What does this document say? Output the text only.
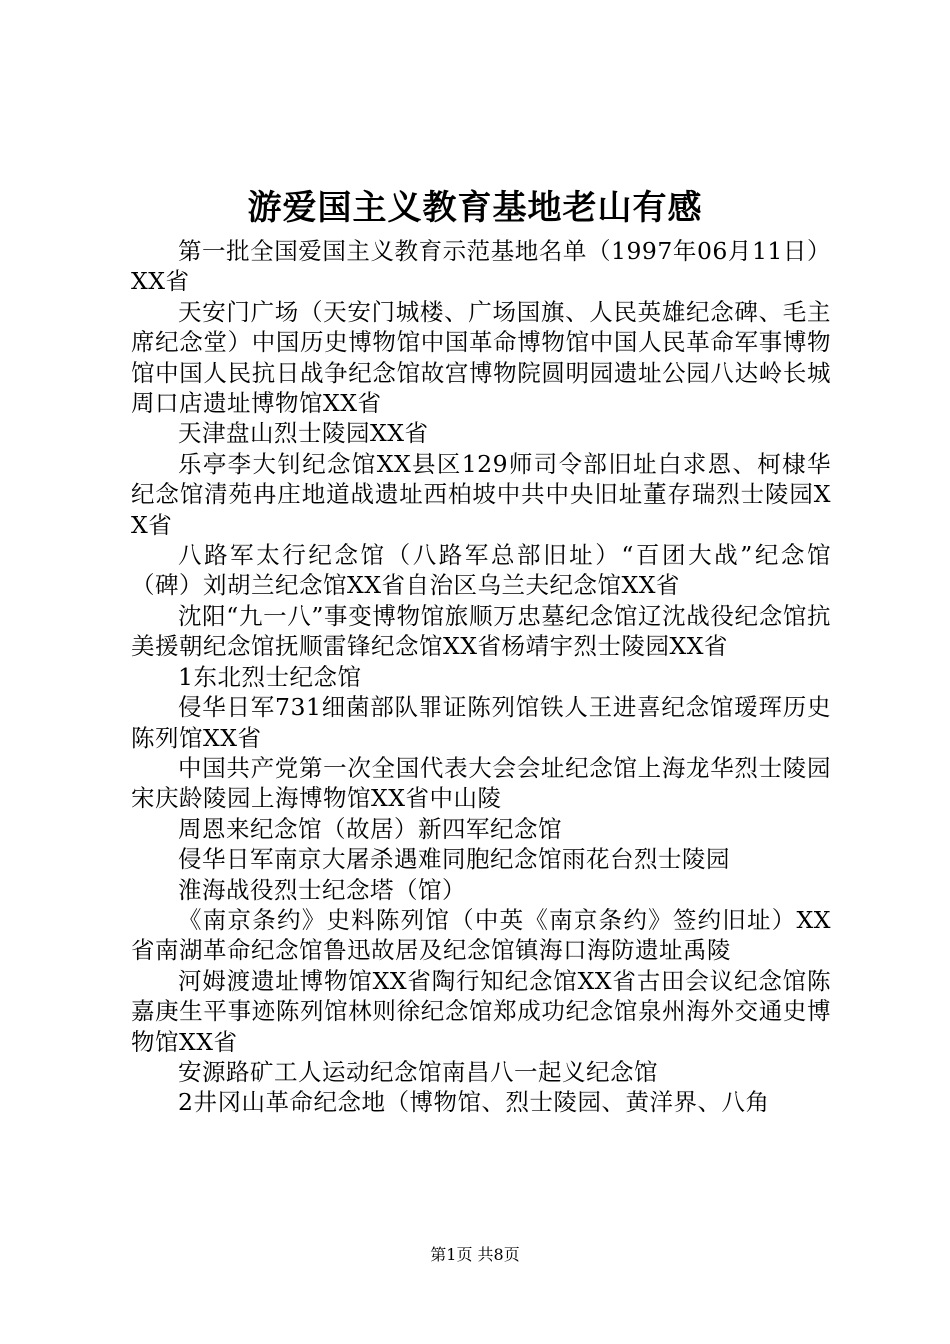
游爱国主义教育基地老山有感

第一批全国爱国主义教育示范基地名单（1997年06月11日）XX省

天安门广场（天安门城楼、广场国旗、人民英雄纪念碑、毛主席纪念堂）中国历史博物馆中国革命博物馆中国人民革命军事博物馆中国人民抗日战争纪念馆故宫博物院圆明园遗址公园八达岭长城周口店遗址博物馆XX省

天津盘山烈士陵园XX省

乐亭李大钊纪念馆XX县区129师司令部旧址白求恩、柯棣华纪念馆清苑冉庄地道战遗址西柏坡中共中央旧址董存瑞烈士陵园XX省

八路军太行纪念馆（八路军总部旧址）“百团大战”纪念馆（碑）刘胡兰纪念馆XX省自治区乌兰夫纪念馆XX省

沈阳“九一八”事变博物馆旅顺万忠墓纪念馆辽沈战役纪念馆抗美援朝纪念馆抚顺雷锋纪念馆XX省杨靖宇烈士陵园XX省

1东北烈士纪念馆

侵华日军731细菌部队罪证陈列馆铁人王进喜纪念馆瑷珲历史陈列馆XX省

中国共产党第一次全国代表大会会址纪念馆上海龙华烈士陵园宋庆龄陵园上海博物馆XX省中山陵

周恩来纪念馆（故居）新四军纪念馆

侵华日军南京大屠杀遇难同胞纪念馆雨花台烈士陵园

淮海战役烈士纪念塔（馆）

《南京条约》史料陈列馆（中英《南京条约》签约旧址）XX省南湖革命纪念馆鲁迅故居及纪念馆镇海口海防遗址禹陵

河姆渡遗址博物馆XX省陶行知纪念馆XX省古田会议纪念馆陈嘉庚生平事迹陈列馆林则徐纪念馆郑成功纪念馆泉州海外交通史博物馆XX省

安源路矿工人运动纪念馆南昌八一起义纪念馆

2井冈山革命纪念地（博物馆、烈士陵园、黄洋界、八角

第1页 共8页
